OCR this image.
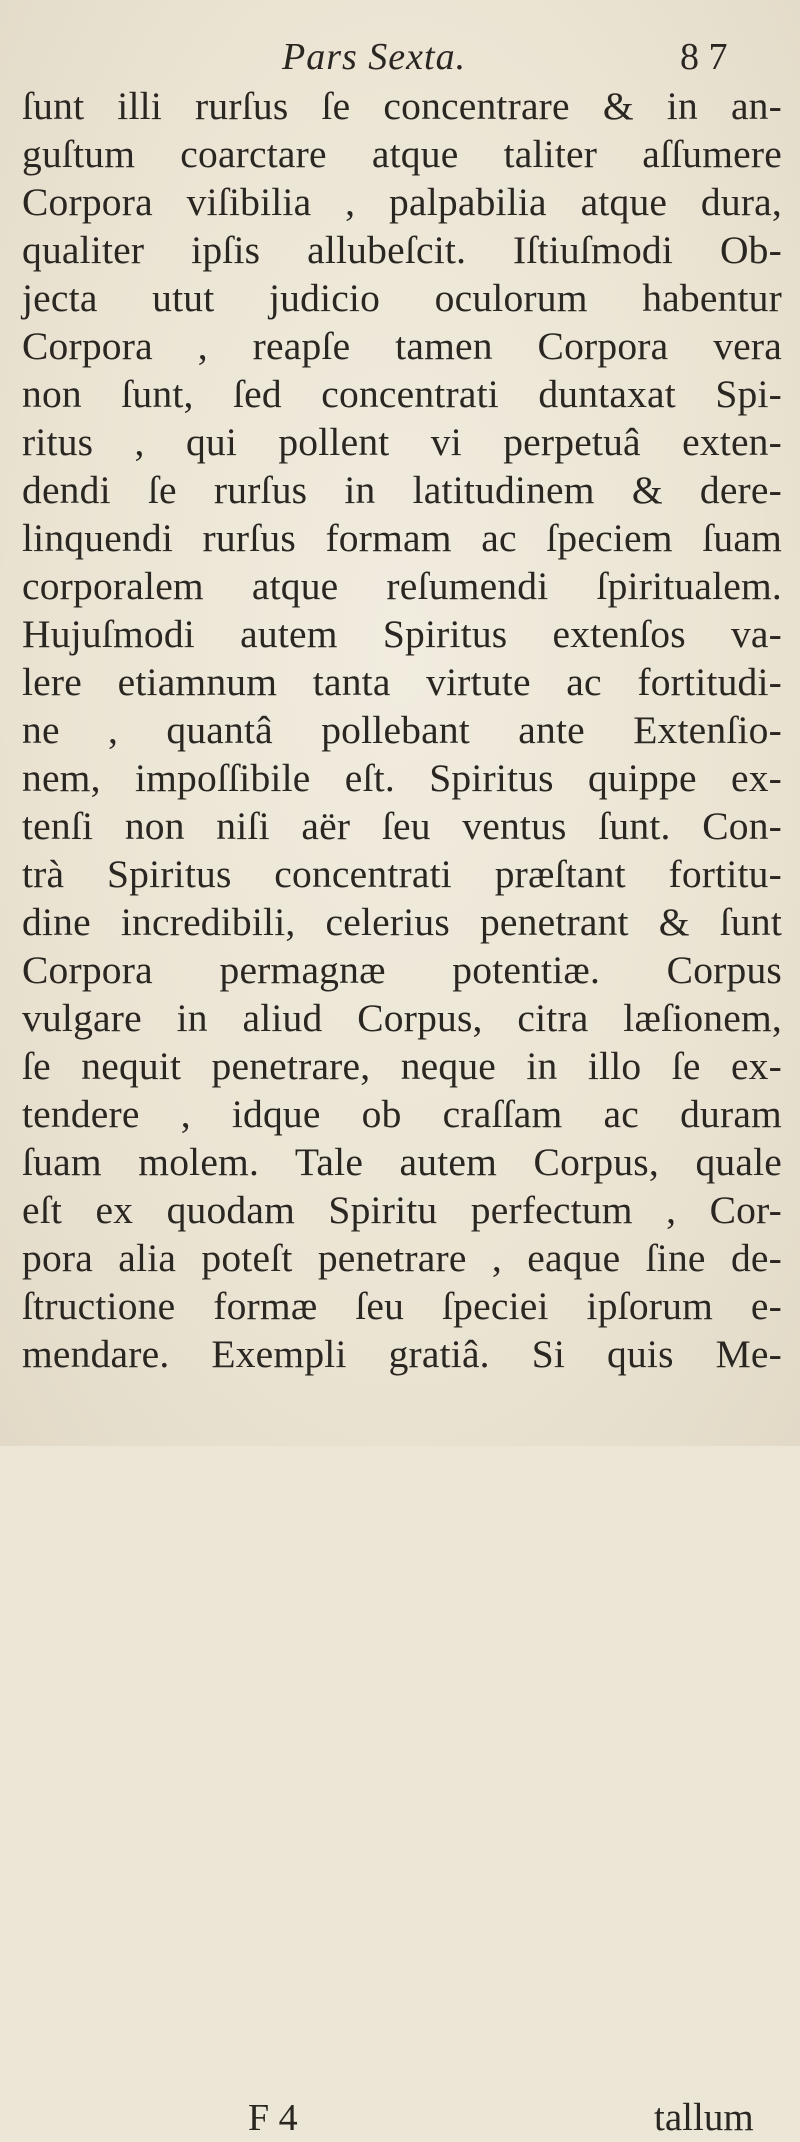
Pars Sexta.	8 7
ſunt illi rurſus ſe concentrare & in an-
guſtum coarctare atque taliter aſſumere
Corpora viſibilia , palpabilia atque dura,
qualiter ipſis allubeſcit. Iſtiuſmodi Ob-
jecta utut judicio oculorum habentur
Corpora , reapſe tamen Corpora vera
non ſunt, ſed concentrati duntaxat Spi-
ritus , qui pollent vi perpetuâ exten-
dendi ſe rurſus in latitudinem & dere-
linquendi rurſus formam ac ſpeciem ſuam
corporalem atque reſumendi ſpiritualem.
Hujuſmodi autem Spiritus extenſos va-
lere etiamnum tanta virtute ac fortitudi-
ne , quantâ pollebant ante Extenſio-
nem, impoſſibile eſt. Spiritus quippe ex-
tenſi non niſi aër ſeu ventus ſunt. Con-
trà Spiritus concentrati præſtant fortitu-
dine incredibili, celerius penetrant & ſunt
Corpora permagnæ potentiæ. Corpus
vulgare in aliud Corpus, citra læſionem,
ſe nequit penetrare, neque in illo ſe ex-
tendere , idque ob craſſam ac duram
ſuam molem. Tale autem Corpus, quale
eſt ex quodam Spiritu perfectum , Cor-
pora alia poteſt penetrare , eaque ſine de-
ſtructione formæ ſeu ſpeciei ipſorum e-
mendare. Exempli gratiâ. Si quis Me-
F 4	tallum
